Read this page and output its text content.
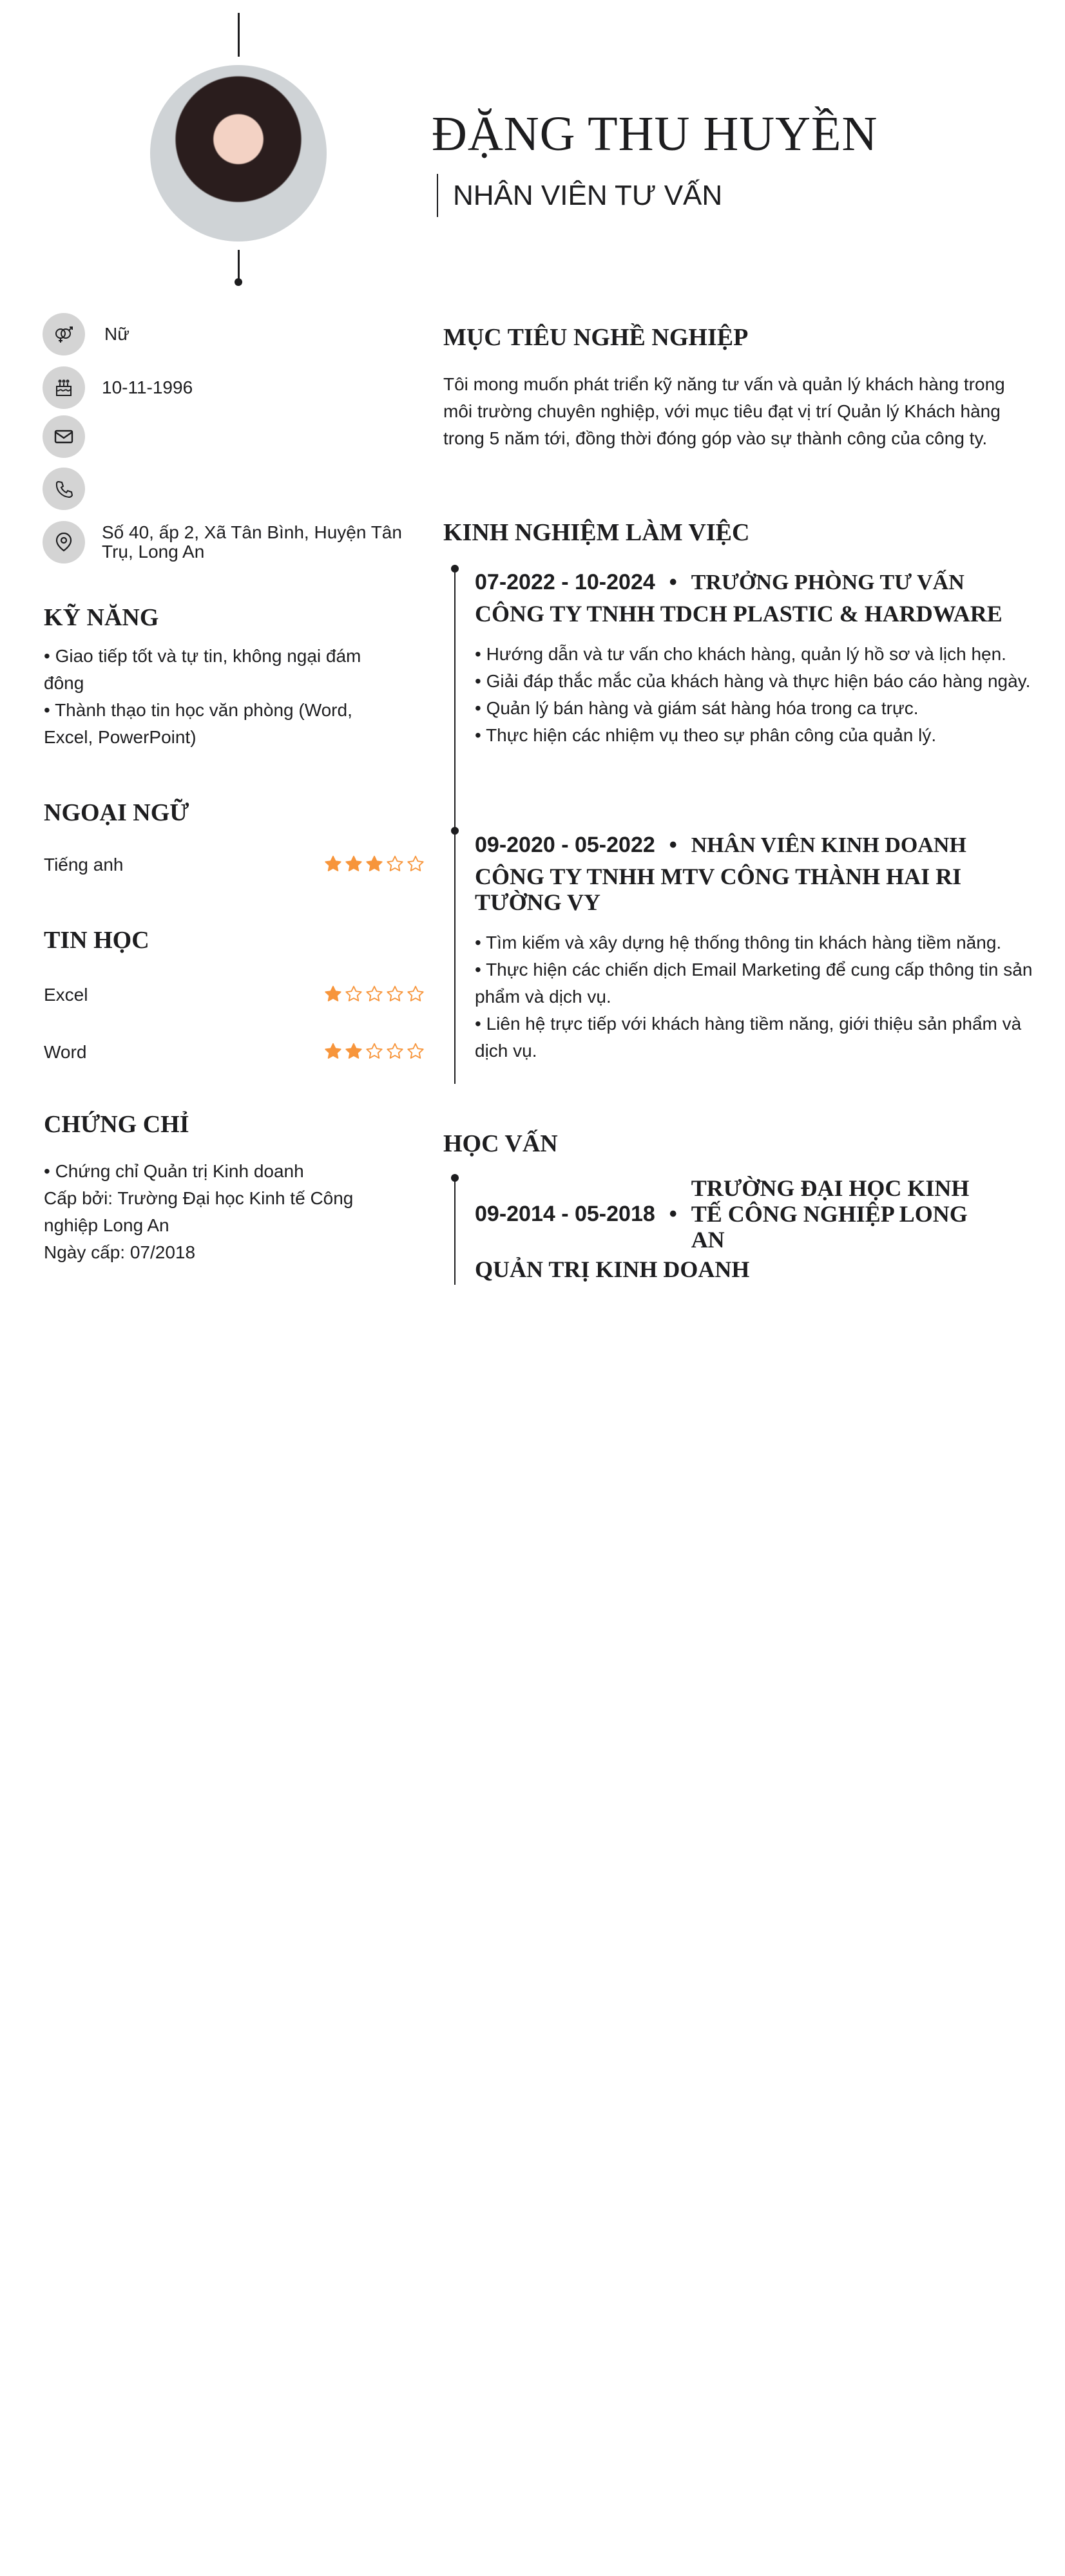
ĐẶNG THU HUYỀN
NHÂN VIÊN TƯ VẤN
Nữ
10-11-1996
Số 40, ấp 2, Xã Tân Bình, Huyện Tân Trụ, Long An
KỸ NĂNG
• Giao tiếp tốt và tự tin, không ngại đám đông
• Thành thạo tin học văn phòng (Word, Excel, PowerPoint)
NGOẠI NGỮ
Tiếng anh
TIN HỌC
Excel
Word
CHỨNG CHỈ
• Chứng chỉ Quản trị Kinh doanh
Cấp bởi: Trường Đại học Kinh tế Công nghiệp Long An
Ngày cấp: 07/2018
MỤC TIÊU NGHỀ NGHIỆP
Tôi mong muốn phát triển kỹ năng tư vấn và quản lý khách hàng trong môi trường chuyên nghiệp, với mục tiêu đạt vị trí Quản lý Khách hàng trong 5 năm tới, đồng thời đóng góp vào sự thành công của công ty.
KINH NGHIỆM LÀM VIỆC
07-2022 - 10-2024 • TRƯỞNG PHÒNG TƯ VẤN
CÔNG TY TNHH TDCH PLASTIC & HARDWARE
• Hướng dẫn và tư vấn cho khách hàng, quản lý hồ sơ và lịch hẹn.
• Giải đáp thắc mắc của khách hàng và thực hiện báo cáo hàng ngày.
• Quản lý bán hàng và giám sát hàng hóa trong ca trực.
• Thực hiện các nhiệm vụ theo sự phân công của quản lý.
09-2020 - 05-2022 • NHÂN VIÊN KINH DOANH
CÔNG TY TNHH MTV CÔNG THÀNH HAI RI TƯỜNG VY
• Tìm kiếm và xây dựng hệ thống thông tin khách hàng tiềm năng.
• Thực hiện các chiến dịch Email Marketing để cung cấp thông tin sản phẩm và dịch vụ.
• Liên hệ trực tiếp với khách hàng tiềm năng, giới thiệu sản phẩm và dịch vụ.
HỌC VẤN
09-2014 - 05-2018 •
TRƯỜNG ĐẠI HỌC KINH TẾ CÔNG NGHIỆP LONG AN
QUẢN TRỊ KINH DOANH
